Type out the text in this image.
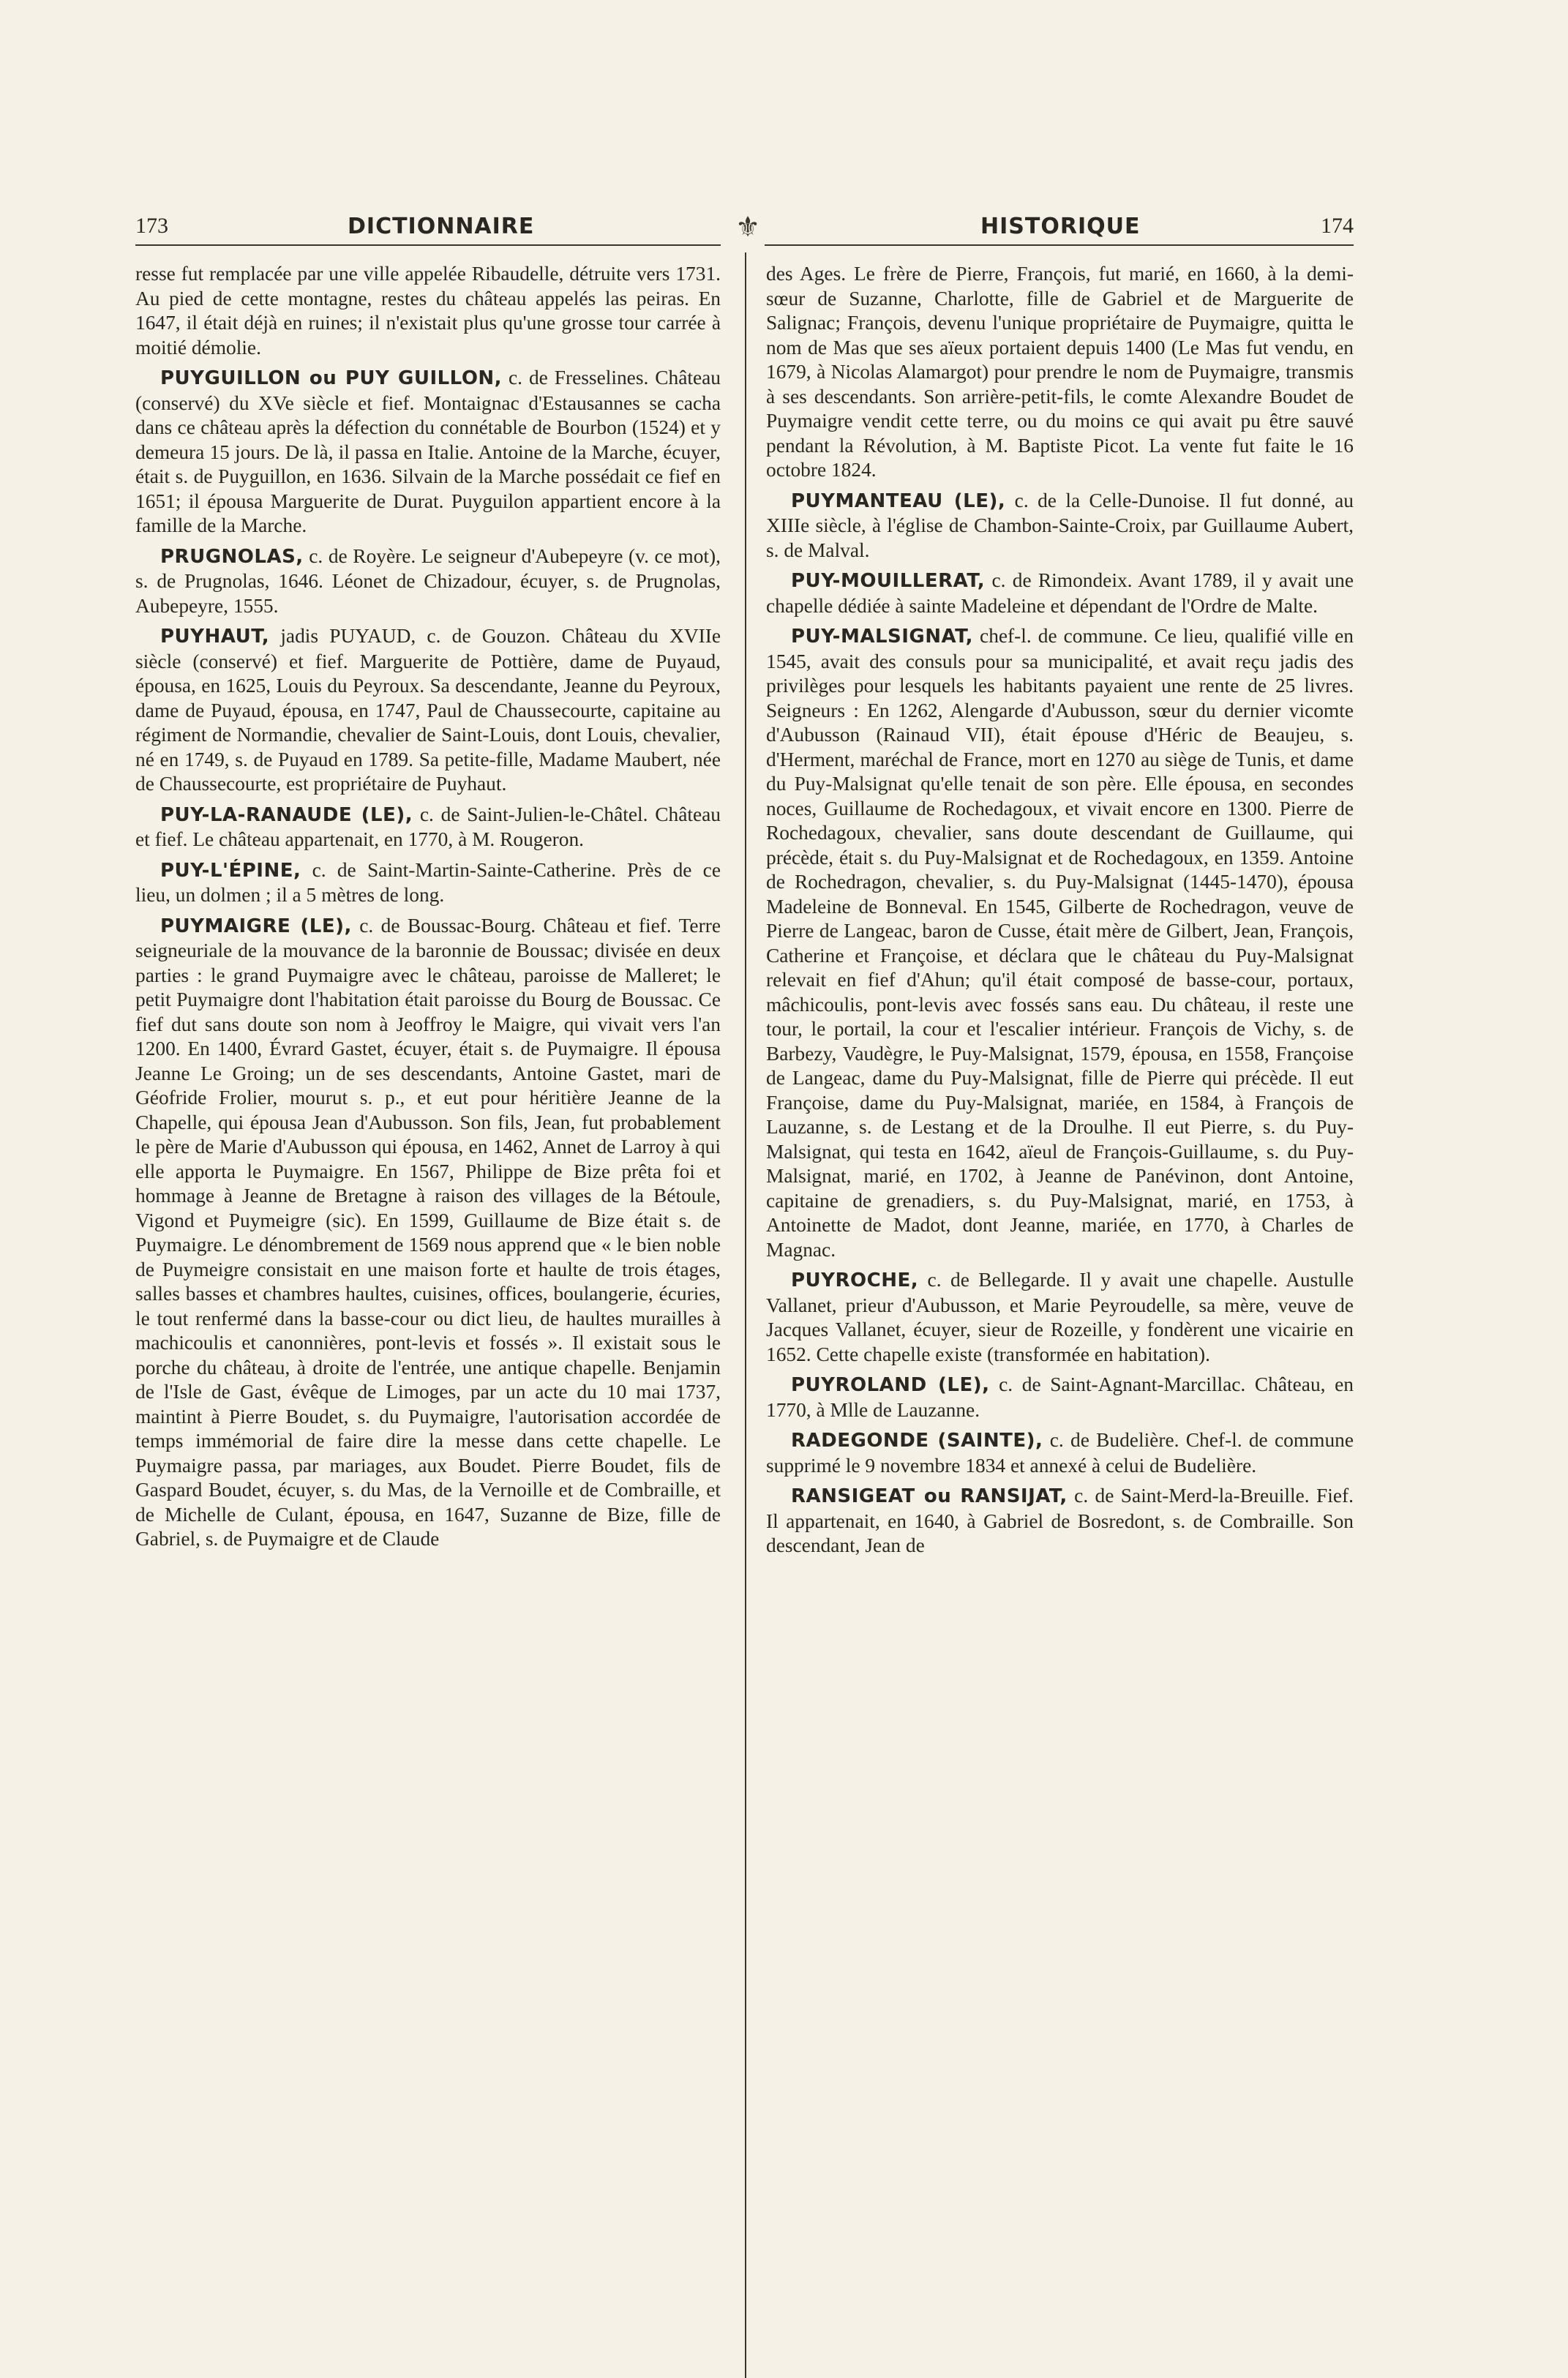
173	DICTIONNAIRE	⚜	HISTORIQUE	174

resse fut remplacée par une ville appelée Ribaudelle, détruite vers 1731. Au pied de cette montagne, restes du château appelés las peiras. En 1647, il était déjà en ruines; il n'existait plus qu'une grosse tour carrée à moitié démolie.

PUYGUILLON ou PUY GUILLON, c. de Fresselines. Château (conservé) du XVe siècle et fief. Montaignac d'Estausannes se cacha dans ce château après la défection du connétable de Bourbon (1524) et y demeura 15 jours. De là, il passa en Italie. Antoine de la Marche, écuyer, était s. de Puyguillon, en 1636. Silvain de la Marche possédait ce fief en 1651; il épousa Marguerite de Durat. Puyguilon appartient encore à la famille de la Marche.

PRUGNOLAS, c. de Royère. Le seigneur d'Aubepeyre (v. ce mot), s. de Prugnolas, 1646. Léonet de Chizadour, écuyer, s. de Prugnolas, Aubepeyre, 1555.

PUYHAUT, jadis PUYAUD, c. de Gouzon. Château du XVIIe siècle (conservé) et fief. Marguerite de Pottière, dame de Puyaud, épousa, en 1625, Louis du Peyroux. Sa descendante, Jeanne du Peyroux, dame de Puyaud, épousa, en 1747, Paul de Chaussecourte, capitaine au régiment de Normandie, chevalier de Saint-Louis, dont Louis, chevalier, né en 1749, s. de Puyaud en 1789. Sa petite-fille, Madame Maubert, née de Chaussecourte, est propriétaire de Puyhaut.

PUY-LA-RANAUDE (LE), c. de Saint-Julien-le-Châtel. Château et fief. Le château appartenait, en 1770, à M. Rougeron.

PUY-L'ÉPINE, c. de Saint-Martin-Sainte-Catherine. Près de ce lieu, un dolmen ; il a 5 mètres de long.

PUYMAIGRE (LE), c. de Boussac-Bourg. Château et fief. Terre seigneuriale de la mouvance de la baronnie de Boussac; divisée en deux parties : le grand Puymaigre avec le château, paroisse de Malleret; le petit Puymaigre dont l'habitation était paroisse du Bourg de Boussac. Ce fief dut sans doute son nom à Jeoffroy le Maigre, qui vivait vers l'an 1200. En 1400, Évrard Gastet, écuyer, était s. de Puymaigre. Il épousa Jeanne Le Groing; un de ses descendants, Antoine Gastet, mari de Géofride Frolier, mourut s. p., et eut pour héritière Jeanne de la Chapelle, qui épousa Jean d'Aubusson. Son fils, Jean, fut probablement le père de Marie d'Aubusson qui épousa, en 1462, Annet de Larroy à qui elle apporta le Puymaigre. En 1567, Philippe de Bize prêta foi et hommage à Jeanne de Bretagne à raison des villages de la Bétoule, Vigond et Puymeigre (sic). En 1599, Guillaume de Bize était s. de Puymaigre. Le dénombrement de 1569 nous apprend que « le bien noble de Puymeigre consistait en une maison forte et haulte de trois étages, salles basses et chambres haultes, cuisines, offices, boulangerie, écuries, le tout renfermé dans la basse-cour ou dict lieu, de haultes murailles à machicoulis et canonnières, pont-levis et fossés ». Il existait sous le porche du château, à droite de l'entrée, une antique chapelle. Benjamin de l'Isle de Gast, évêque de Limoges, par un acte du 10 mai 1737, maintint à Pierre Boudet, s. du Puymaigre, l'autorisation accordée de temps immémorial de faire dire la messe dans cette chapelle. Le Puymaigre passa, par mariages, aux Boudet. Pierre Boudet, fils de Gaspard Boudet, écuyer, s. du Mas, de la Vernoille et de Combraille, et de Michelle de Culant, épousa, en 1647, Suzanne de Bize, fille de Gabriel, s. de Puymaigre et de Claude

des Ages. Le frère de Pierre, François, fut marié, en 1660, à la demi-sœur de Suzanne, Charlotte, fille de Gabriel et de Marguerite de Salignac; François, devenu l'unique propriétaire de Puymaigre, quitta le nom de Mas que ses aïeux portaient depuis 1400 (Le Mas fut vendu, en 1679, à Nicolas Alamargot) pour prendre le nom de Puymaigre, transmis à ses descendants. Son arrière-petit-fils, le comte Alexandre Boudet de Puymaigre vendit cette terre, ou du moins ce qui avait pu être sauvé pendant la Révolution, à M. Baptiste Picot. La vente fut faite le 16 octobre 1824.

PUYMANTEAU (LE), c. de la Celle-Dunoise. Il fut donné, au XIIIe siècle, à l'église de Chambon-Sainte-Croix, par Guillaume Aubert, s. de Malval.

PUY-MOUILLERAT, c. de Rimondeix. Avant 1789, il y avait une chapelle dédiée à sainte Madeleine et dépendant de l'Ordre de Malte.

PUY-MALSIGNAT, chef-l. de commune. Ce lieu, qualifié ville en 1545, avait des consuls pour sa municipalité, et avait reçu jadis des privilèges pour lesquels les habitants payaient une rente de 25 livres. Seigneurs : En 1262, Alengarde d'Aubusson, sœur du dernier vicomte d'Aubusson (Rainaud VII), était épouse d'Héric de Beaujeu, s. d'Herment, maréchal de France, mort en 1270 au siège de Tunis, et dame du Puy-Malsignat qu'elle tenait de son père. Elle épousa, en secondes noces, Guillaume de Rochedagoux, et vivait encore en 1300. Pierre de Rochedagoux, chevalier, sans doute descendant de Guillaume, qui précède, était s. du Puy-Malsignat et de Rochedagoux, en 1359. Antoine de Rochedragon, chevalier, s. du Puy-Malsignat (1445-1470), épousa Madeleine de Bonneval. En 1545, Gilberte de Rochedragon, veuve de Pierre de Langeac, baron de Cusse, était mère de Gilbert, Jean, François, Catherine et Françoise, et déclara que le château du Puy-Malsignat relevait en fief d'Ahun; qu'il était composé de basse-cour, portaux, mâchicoulis, pont-levis avec fossés sans eau. Du château, il reste une tour, le portail, la cour et l'escalier intérieur. François de Vichy, s. de Barbezy, Vaudègre, le Puy-Malsignat, 1579, épousa, en 1558, Françoise de Langeac, dame du Puy-Malsignat, fille de Pierre qui précède. Il eut Françoise, dame du Puy-Malsignat, mariée, en 1584, à François de Lauzanne, s. de Lestang et de la Droulhe. Il eut Pierre, s. du Puy-Malsignat, qui testa en 1642, aïeul de François-Guillaume, s. du Puy-Malsignat, marié, en 1702, à Jeanne de Panévinon, dont Antoine, capitaine de grenadiers, s. du Puy-Malsignat, marié, en 1753, à Antoinette de Madot, dont Jeanne, mariée, en 1770, à Charles de Magnac.

PUYROCHE, c. de Bellegarde. Il y avait une chapelle. Austulle Vallanet, prieur d'Aubusson, et Marie Peyroudelle, sa mère, veuve de Jacques Vallanet, écuyer, sieur de Rozeille, y fondèrent une vicairie en 1652. Cette chapelle existe (transformée en habitation).

PUYROLAND (LE), c. de Saint-Agnant-Marcillac. Château, en 1770, à Mlle de Lauzanne.

RADEGONDE (SAINTE), c. de Budelière. Chef-l. de commune supprimé le 9 novembre 1834 et annexé à celui de Budelière.

RANSIGEAT ou RANSIJAT, c. de Saint-Merd-la-Breuille. Fief. Il appartenait, en 1640, à Gabriel de Bosredont, s. de Combraille. Son descendant, Jean de
